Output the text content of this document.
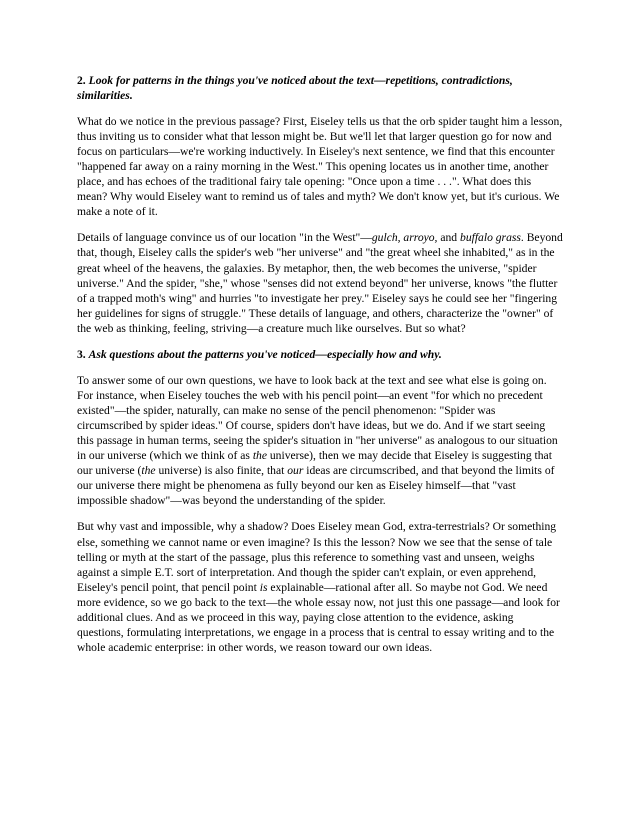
2. Look for patterns in the things you've noticed about the text—repetitions, contradictions, similarities.

What do we notice in the previous passage? First, Eiseley tells us that the orb spider taught him a lesson, thus inviting us to consider what that lesson might be. But we'll let that larger question go for now and focus on particulars—we're working inductively. In Eiseley's next sentence, we find that this encounter "happened far away on a rainy morning in the West." This opening locates us in another time, another place, and has echoes of the traditional fairy tale opening: "Once upon a time . . .". What does this mean? Why would Eiseley want to remind us of tales and myth? We don't know yet, but it's curious. We make a note of it.

Details of language convince us of our location "in the West"—gulch, arroyo, and buffalo grass. Beyond that, though, Eiseley calls the spider's web "her universe" and "the great wheel she inhabited," as in the great wheel of the heavens, the galaxies. By metaphor, then, the web becomes the universe, "spider universe." And the spider, "she," whose "senses did not extend beyond" her universe, knows "the flutter of a trapped moth's wing" and hurries "to investigate her prey." Eiseley says he could see her "fingering her guidelines for signs of struggle." These details of language, and others, characterize the "owner" of the web as thinking, feeling, striving—a creature much like ourselves. But so what?

3. Ask questions about the patterns you've noticed—especially how and why.

To answer some of our own questions, we have to look back at the text and see what else is going on. For instance, when Eiseley touches the web with his pencil point—an event "for which no precedent existed"—the spider, naturally, can make no sense of the pencil phenomenon: "Spider was circumscribed by spider ideas." Of course, spiders don't have ideas, but we do. And if we start seeing this passage in human terms, seeing the spider's situation in "her universe" as analogous to our situation in our universe (which we think of as the universe), then we may decide that Eiseley is suggesting that our universe (the universe) is also finite, that our ideas are circumscribed, and that beyond the limits of our universe there might be phenomena as fully beyond our ken as Eiseley himself—that "vast impossible shadow"—was beyond the understanding of the spider.

But why vast and impossible, why a shadow? Does Eiseley mean God, extra-terrestrials? Or something else, something we cannot name or even imagine? Is this the lesson? Now we see that the sense of tale telling or myth at the start of the passage, plus this reference to something vast and unseen, weighs against a simple E.T. sort of interpretation. And though the spider can't explain, or even apprehend, Eiseley's pencil point, that pencil point is explainable—rational after all. So maybe not God. We need more evidence, so we go back to the text—the whole essay now, not just this one passage—and look for additional clues. And as we proceed in this way, paying close attention to the evidence, asking questions, formulating interpretations, we engage in a process that is central to essay writing and to the whole academic enterprise: in other words, we reason toward our own ideas.
